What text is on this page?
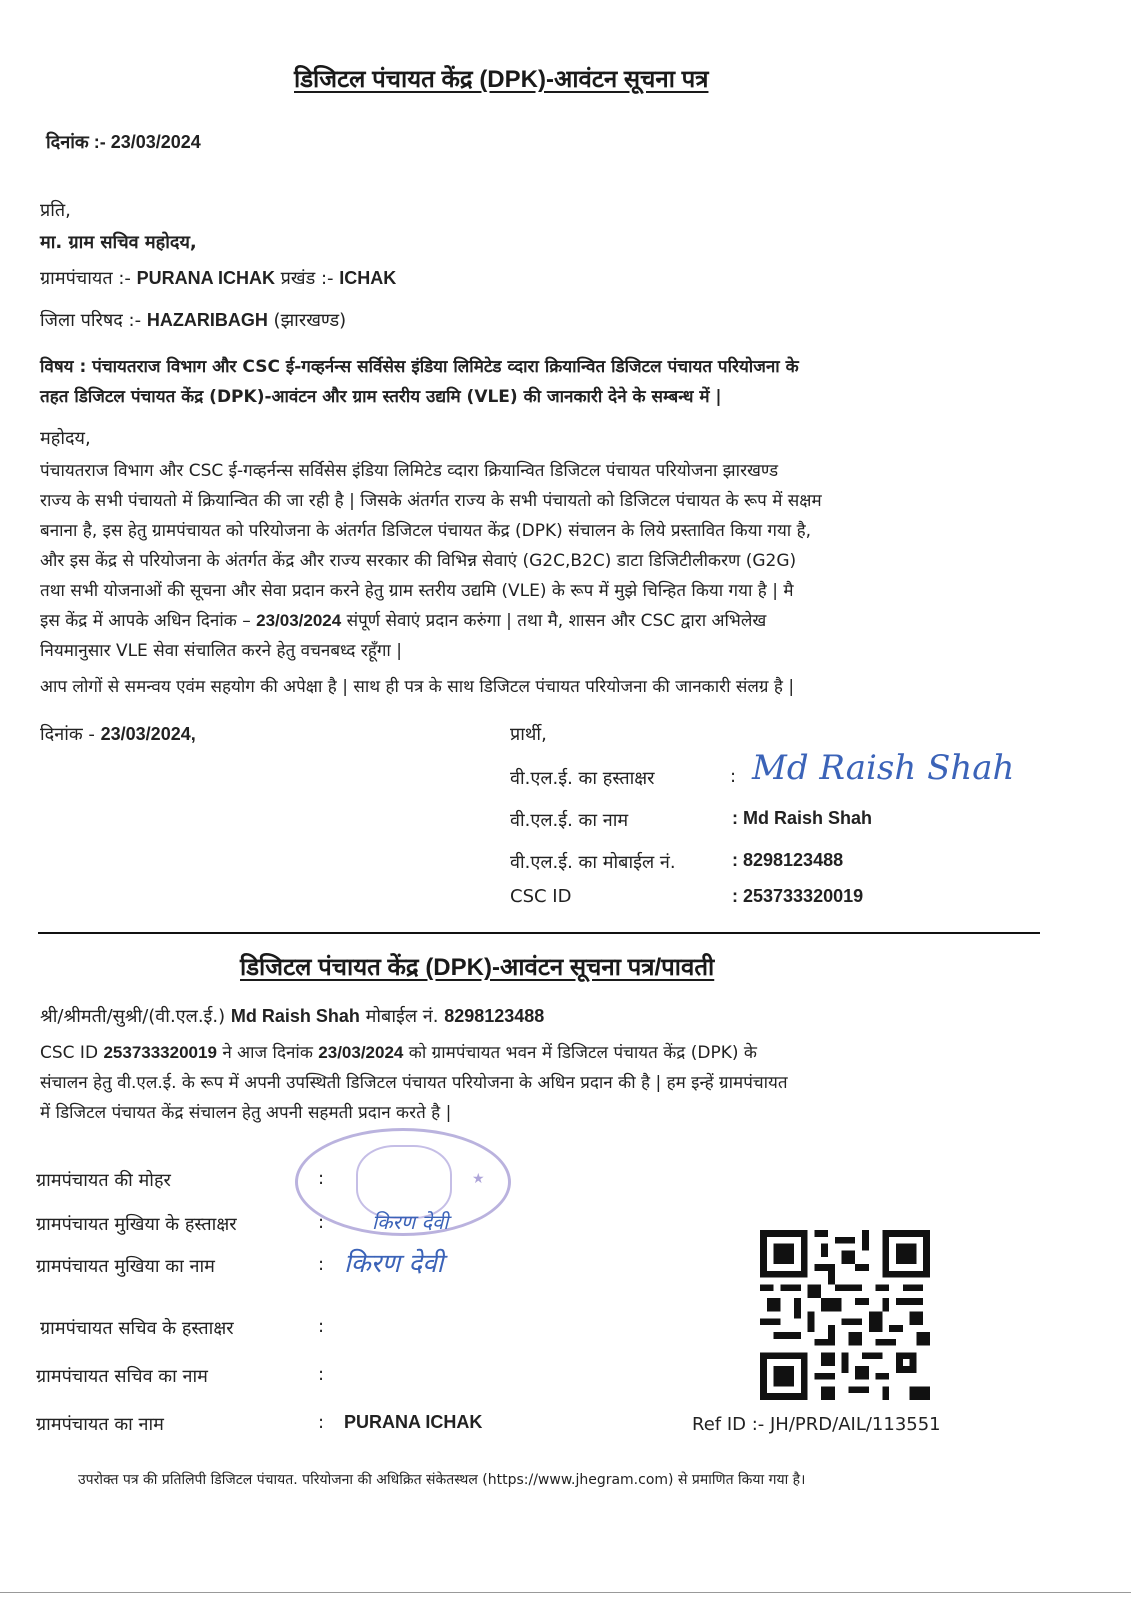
डिजिटल पंचायत केंद्र (DPK)-आवंटन सूचना पत्र
दिनांक :- 23/03/2024
प्रति,
मा. ग्राम सचिव महोदय,
ग्रामपंचायत :- PURANA ICHAK प्रखंड :- ICHAK
जिला परिषद :- HAZARIBAGH (झारखण्ड)
विषय : पंचायतराज विभाग और CSC ई-गव्हर्नन्स सर्विसेस इंडिया लिमिटेड व्दारा क्रियान्वित डिजिटल पंचायत परियोजना के
तहत डिजिटल पंचायत केंद्र (DPK)-आवंटन और ग्राम स्तरीय उद्यमि (VLE) की जानकारी देने के सम्बन्ध में |
महोदय,
पंचायतराज विभाग और CSC ई-गव्हर्नन्स सर्विसेस इंडिया लिमिटेड व्दारा क्रियान्वित डिजिटल पंचायत परियोजना झारखण्ड
राज्य के सभी पंचायतो में क्रियान्वित की जा रही है | जिसके अंतर्गत राज्य के सभी पंचायतो को डिजिटल पंचायत के रूप में सक्षम
बनाना है, इस हेतु ग्रामपंचायत को परियोजना के अंतर्गत डिजिटल पंचायत केंद्र (DPK) संचालन के लिये प्रस्तावित किया गया है,
और इस केंद्र से परियोजना के अंतर्गत केंद्र और राज्य सरकार की विभिन्न सेवाएं (G2C,B2C) डाटा डिजिटीलीकरण (G2G)
तथा सभी योजनाओं की सूचना और सेवा प्रदान करने हेतु ग्राम स्तरीय उद्यमि (VLE) के रूप में मुझे चिन्हित किया गया है | मै
इस केंद्र में आपके अधिन दिनांक – 23/03/2024 संपूर्ण सेवाएं प्रदान करुंगा | तथा मै, शासन और CSC द्वारा अभिलेख
नियमानुसार VLE सेवा संचालित करने हेतु वचनबध्द रहूँगा |
आप लोगों से समन्वय एवंम सहयोग की अपेक्षा है | साथ ही पत्र के साथ डिजिटल पंचायत परियोजना की जानकारी संलग्र है |
दिनांक - 23/03/2024,	प्रार्थी,
वी.एल.ई. का हस्ताक्षर	: Md Raish Shah
वी.एल.ई. का नाम	: Md Raish Shah
वी.एल.ई. का मोबाईल नं.	: 8298123488
CSC ID	: 253733320019
डिजिटल पंचायत केंद्र (DPK)-आवंटन सूचना पत्र/पावती
श्री/श्रीमती/सुश्री/(वी.एल.ई.) Md Raish Shah मोबाईल नं. 8298123488
CSC ID 253733320019 ने आज दिनांक 23/03/2024 को ग्रामपंचायत भवन में डिजिटल पंचायत केंद्र (DPK) के
संचालन हेतु वी.एल.ई. के रूप में अपनी उपस्थिती डिजिटल पंचायत परियोजना के अधिन प्रदान की है | हम इन्हें ग्रामपंचायत
में डिजिटल पंचायत केंद्र संचालन हेतु अपनी सहमती प्रदान करते है |
★
ग्रामपंचायत की मोहर	:
ग्रामपंचायत मुखिया के हस्ताक्षर	: किरण देवी
ग्रामपंचायत मुखिया का नाम	: किरण देवी
ग्रामपंचायत सचिव के हस्ताक्षर	:
ग्रामपंचायत सचिव का नाम	:
ग्रामपंचायत का नाम	: PURANA ICHAK	Ref ID :- JH/PRD/AIL/113551
उपरोक्त पत्र की प्रतिलिपी डिजिटल पंचायत. परियोजना की अधिक्रित संकेतस्थल (https://www.jhegram.com) से प्रमाणित किया गया है।
